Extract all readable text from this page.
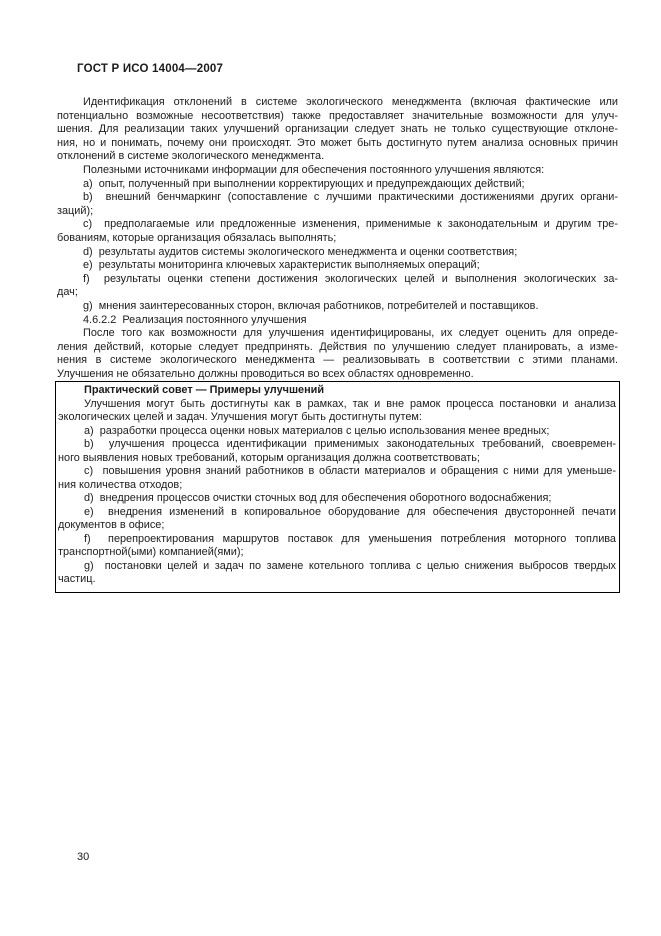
ГОСТ Р ИСО 14004—2007
Идентификация отклонений в системе экологического менеджмента (включая фактические или
потенциально возможные несоответствия) также предоставляет значительные возможности для улуч-
шения. Для реализации таких улучшений организации следует знать не только существующие отклоне-
ния, но и понимать, почему они происходят. Это может быть достигнуто путем анализа основных причин
отклонений в системе экологического менеджмента.
Полезными источниками информации для обеспечения постоянного улучшения являются:
a)  опыт, полученный при выполнении корректирующих и предупреждающих действий;
b)  внешний бенчмаркинг (сопоставление с лучшими практическими достижениями других органи-
заций);
c)  предполагаемые или предложенные изменения, применимые к законодательным и другим тре-
бованиям, которые организация обязалась выполнять;
d)  результаты аудитов системы экологического менеджмента и оценки соответствия;
e)  результаты мониторинга ключевых характеристик выполняемых операций;
f)  результаты оценки степени достижения экологических целей и выполнения экологических за-
дач;
g)  мнения заинтересованных сторон, включая работников, потребителей и поставщиков.
4.6.2.2  Реализация постоянного улучшения
После того как возможности для улучшения идентифицированы, их следует оценить для опреде-
ления действий, которые следует предпринять. Действия по улучшению следует планировать, а изме-
нения в системе экологического менеджмента — реализовывать в соответствии с этими планами.
Улучшения не обязательно должны проводиться во всех областях одновременно.
Практический совет — Примеры улучшений
Улучшения могут быть достигнуты как в рамках, так и вне рамок процесса постановки и анализа
экологических целей и задач. Улучшения могут быть достигнуты путем:
a)  разработки процесса оценки новых материалов с целью использования менее вредных;
b)  улучшения процесса идентификации применимых законодательных требований, своевремен-
ного выявления новых требований, которым организация должна соответствовать;
c)  повышения уровня знаний работников в области материалов и обращения с ними для уменьше-
ния количества отходов;
d)  внедрения процессов очистки сточных вод для обеспечения оборотного водоснабжения;
e)  внедрения изменений в копировальное оборудование для обеспечения двусторонней печати
документов в офисе;
f)  перепроектирования маршрутов поставок для уменьшения потребления моторного топлива
транспортной(ыми) компанией(ями);
g)  постановки целей и задач по замене котельного топлива с целью снижения выбросов твердых
частиц.
30
